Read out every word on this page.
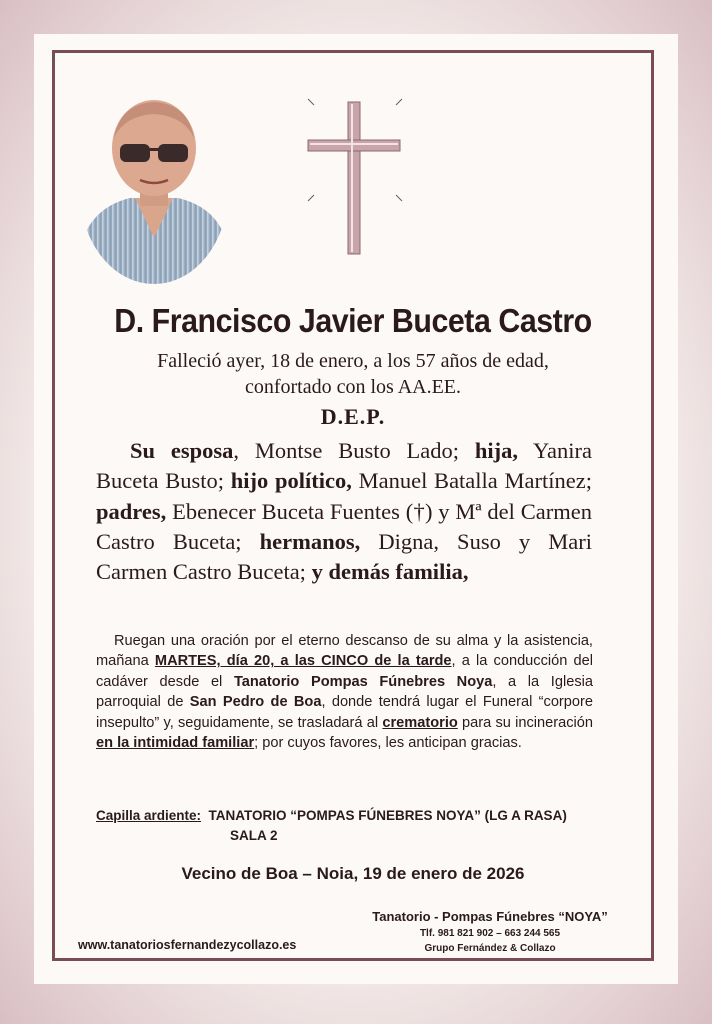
D. Francisco Javier Buceta Castro
Falleció ayer, 18 de enero, a los 57 años de edad,
confortado con los AA.EE.
D.E.P.
Su esposa, Montse Busto Lado; hija, Yanira Buceta Busto; hijo político, Manuel Batalla Martínez; padres, Ebenecer Buceta Fuentes (†) y Mª del Carmen Castro Buceta; hermanos, Digna, Suso y Mari Carmen Castro Buceta; y demás familia,
Ruegan una oración por el eterno descanso de su alma y la asistencia, mañana MARTES, día 20, a las CINCO de la tarde, a la conducción del cadáver desde el Tanatorio Pompas Fúnebres Noya, a la Iglesia parroquial de San Pedro de Boa, donde tendrá lugar el Funeral “corpore insepulto” y, seguidamente, se trasladará al crematorio para su incineración en la intimidad familiar; por cuyos favores, les anticipan gracias.
Capilla ardiente: TANATORIO “POMPAS FÚNEBRES NOYA” (LG A RASA)
SALA 2
Vecino de Boa – Noia, 19 de enero de 2026
Tanatorio - Pompas Fúnebres “NOYA”
Tlf. 981 821 902 – 663 244 565
Grupo Fernández & Collazo
www.tanatoriosfernandezycollazo.es
